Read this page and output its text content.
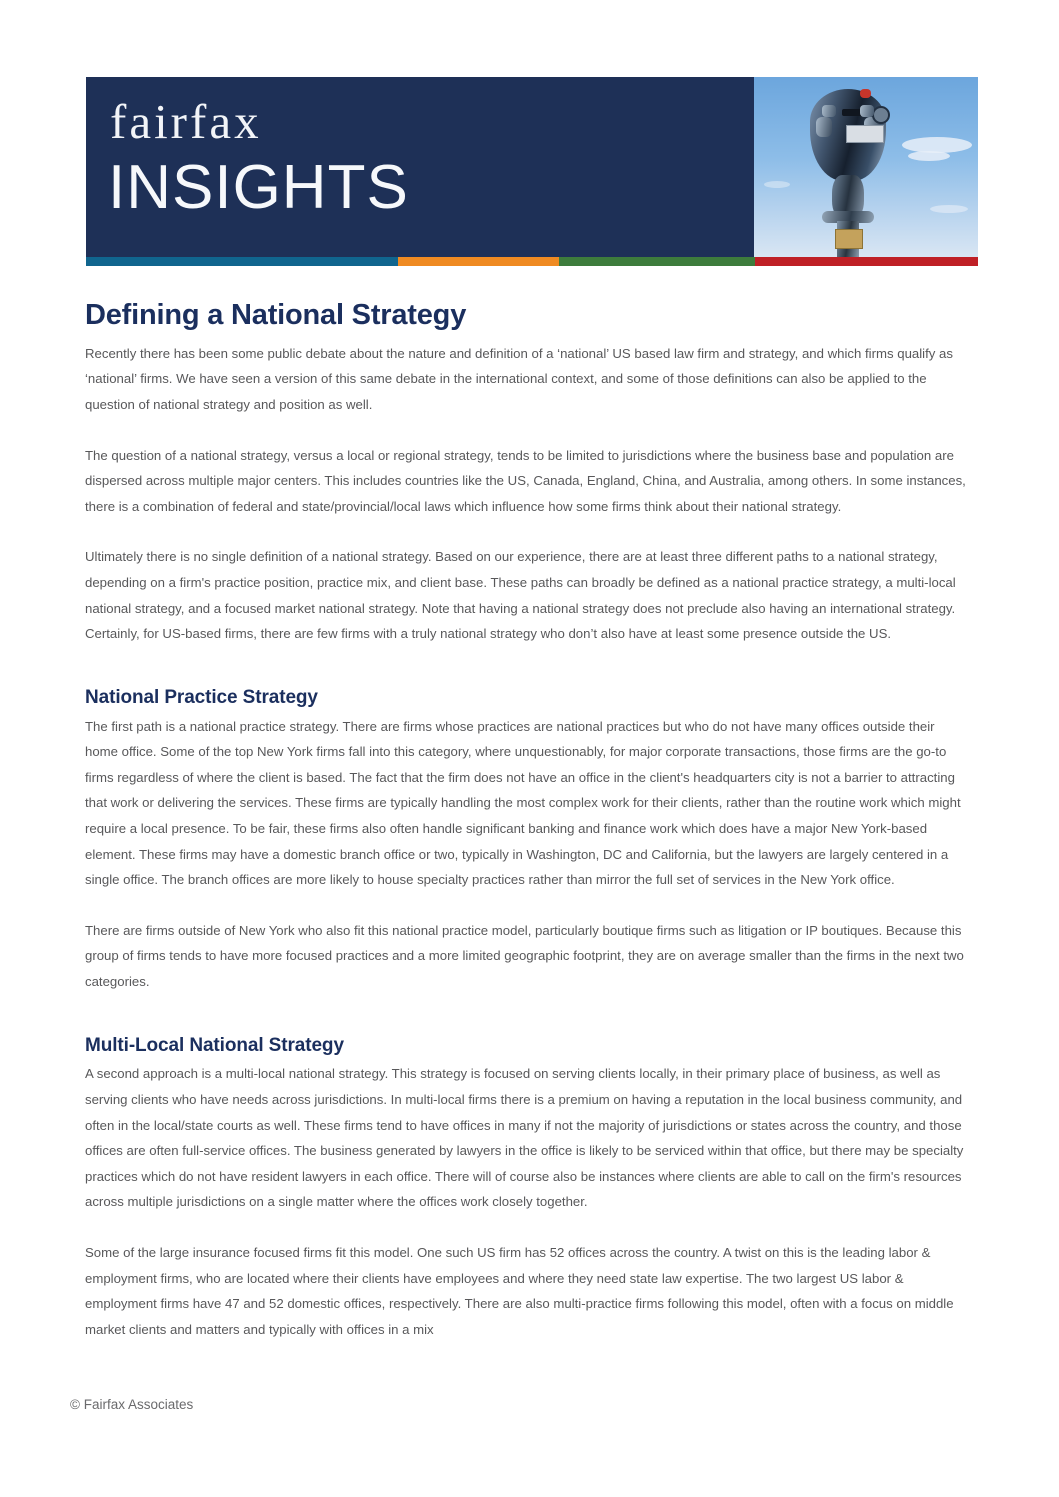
fairfax
INSIGHTS
Defining a National Strategy

Recently there has been some public debate about the nature and definition of a ‘national’ US based law firm and strategy, and which firms qualify as ‘national’ firms. We have seen a version of this same debate in the international context, and some of those definitions can also be applied to the question of national strategy and position as well.

The question of a national strategy, versus a local or regional strategy, tends to be limited to jurisdictions where the business base and population are dispersed across multiple major centers. This includes countries like the US, Canada, England, China, and Australia, among others. In some instances, there is a combination of federal and state/provincial/local laws which influence how some firms think about their national strategy.

Ultimately there is no single definition of a national strategy. Based on our experience, there are at least three different paths to a national strategy, depending on a firm's practice position, practice mix, and client base. These paths can broadly be defined as a national practice strategy, a multi-local national strategy, and a focused market national strategy. Note that having a national strategy does not preclude also having an international strategy. Certainly, for US-based firms, there are few firms with a truly national strategy who don’t also have at least some presence outside the US.

National Practice Strategy

The first path is a national practice strategy. There are firms whose practices are national practices but who do not have many offices outside their home office. Some of the top New York firms fall into this category, where unquestionably, for major corporate transactions, those firms are the go-to firms regardless of where the client is based. The fact that the firm does not have an office in the client's headquarters city is not a barrier to attracting that work or delivering the services. These firms are typically handling the most complex work for their clients, rather than the routine work which might require a local presence. To be fair, these firms also often handle significant banking and finance work which does have a major New York-based element. These firms may have a domestic branch office or two, typically in Washington, DC and California, but the lawyers are largely centered in a single office. The branch offices are more likely to house specialty practices rather than mirror the full set of services in the New York office.

There are firms outside of New York who also fit this national practice model, particularly boutique firms such as litigation or IP boutiques. Because this group of firms tends to have more focused practices and a more limited geographic footprint, they are on average smaller than the firms in the next two categories.

Multi-Local National Strategy

A second approach is a multi-local national strategy. This strategy is focused on serving clients locally, in their primary place of business, as well as serving clients who have needs across jurisdictions. In multi-local firms there is a premium on having a reputation in the local business community, and often in the local/state courts as well. These firms tend to have offices in many if not the majority of jurisdictions or states across the country, and those offices are often full-service offices. The business generated by lawyers in the office is likely to be serviced within that office, but there may be specialty practices which do not have resident lawyers in each office. There will of course also be instances where clients are able to call on the firm's resources across multiple jurisdictions on a single matter where the offices work closely together.

Some of the large insurance focused firms fit this model. One such US firm has 52 offices across the country. A twist on this is the leading labor & employment firms, who are located where their clients have employees and where they need state law expertise. The two largest US labor & employment firms have 47 and 52 domestic offices, respectively. There are also multi-practice firms following this model, often with a focus on middle market clients and matters and typically with offices in a mix

© Fairfax Associates
